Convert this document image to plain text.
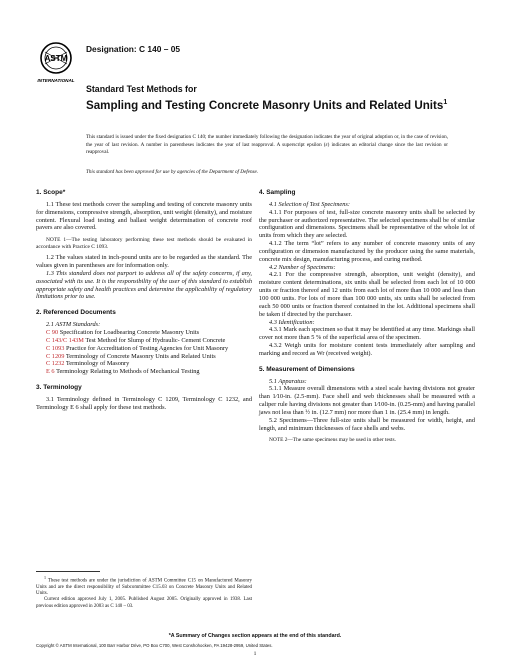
ASTM
INTERNATIONAL
Designation: C 140 – 05
Standard Test Methods for
Sampling and Testing Concrete Masonry Units and Related Units$^1$
This standard is issued under the fixed designation C 140; the number immediately following the designation indicates the year of original adoption or, in the case of revision, the year of last revision. A number in parentheses indicates the year of last reapproval. A superscript epsilon (ε) indicates an editorial change since the last revision or reapproval.
This standard has been approved for use by agencies of the Department of Defense.

1. Scope*

1.1 These test methods cover the sampling and testing of concrete masonry units for dimensions, compressive strength, absorption, unit weight (density), and moisture content. Flexural load testing and ballast weight determination of concrete roof pavers are also covered.

NOTE 1—The testing laboratory performing these test methods should be evaluated in accordance with Practice C 1093.

1.2 The values stated in inch-pound units are to be regarded as the standard. The values given in parentheses are for information only.

1.3 This standard does not purport to address all of the safety concerns, if any, associated with its use. It is the responsibility of the user of this standard to establish appropriate safety and health practices and determine the applicability of regulatory limitations prior to use.

2. Referenced Documents

2.1 ASTM Standards:

C 90 Specification for Loadbearing Concrete Masonry Units

C 143/C 143M Test Method for Slump of Hydraulic- Cement Concrete

C 1093 Practice for Accreditation of Testing Agencies for Unit Masonry

C 1209 Terminology of Concrete Masonry Units and Related Units

C 1232 Terminology of Masonry

E 6 Terminology Relating to Methods of Mechanical Testing

3. Terminology

3.1 Terminology defined in Terminology C 1209, Terminology C 1232, and Terminology E 6 shall apply for these test methods.

4. Sampling

4.1 Selection of Test Specimens:

4.1.1 For purposes of test, full-size concrete masonry units shall be selected by the purchaser or authorized representative. The selected specimens shall be of similar configuration and dimensions. Specimens shall be representative of the whole lot of units from which they are selected.

4.1.2 The term “lot” refers to any number of concrete masonry units of any configuration or dimension manufactured by the producer using the same materials, concrete mix design, manufacturing process, and curing method.

4.2 Number of Specimens:

4.2.1 For the compressive strength, absorption, unit weight (density), and moisture content determinations, six units shall be selected from each lot of 10 000 units or fraction thereof and 12 units from each lot of more than 10 000 and less than 100 000 units. For lots of more than 100 000 units, six units shall be selected from each 50 000 units or fraction thereof contained in the lot. Additional specimens shall be taken if directed by the purchaser.

4.3 Identification:

4.3.1 Mark each specimen so that it may be identified at any time. Markings shall cover not more than 5 % of the superficial area of the specimen.

4.3.2 Weigh units for moisture content tests immediately after sampling and marking and record as Wr (received weight).

5. Measurement of Dimensions

5.1 Apparatus:

5.1.1 Measure overall dimensions with a steel scale having divisions not greater than 1⁄10-in. (2.5-mm). Face shell and web thicknesses shall be measured with a caliper rule having divisions not greater than 1⁄100-in. (0.25-mm) and having parallel jaws not less than ½ in. (12.7 mm) nor more than 1 in. (25.4 mm) in length.

5.2 Specimens—Three full-size units shall be measured for width, height, and length, and minimum thicknesses of face shells and webs.

NOTE 2—The same specimens may be used in other tests.

$^1$ These test methods are under the jurisdiction of ASTM Committee C15 on Manufactured Masonry Units and are the direct responsibility of Subcommittee C15.03 on Concrete Masonry Units and Related Units.

Current edition approved July 1, 2005. Published August 2005. Originally approved in 1938. Last previous edition approved in 2003 as C 140 – 03.

*A Summary of Changes section appears at the end of this standard.
Copyright © ASTM International, 100 Barr Harbor Drive, PO Box C700, West Conshohocken, PA 19428-2959, United States.
1
